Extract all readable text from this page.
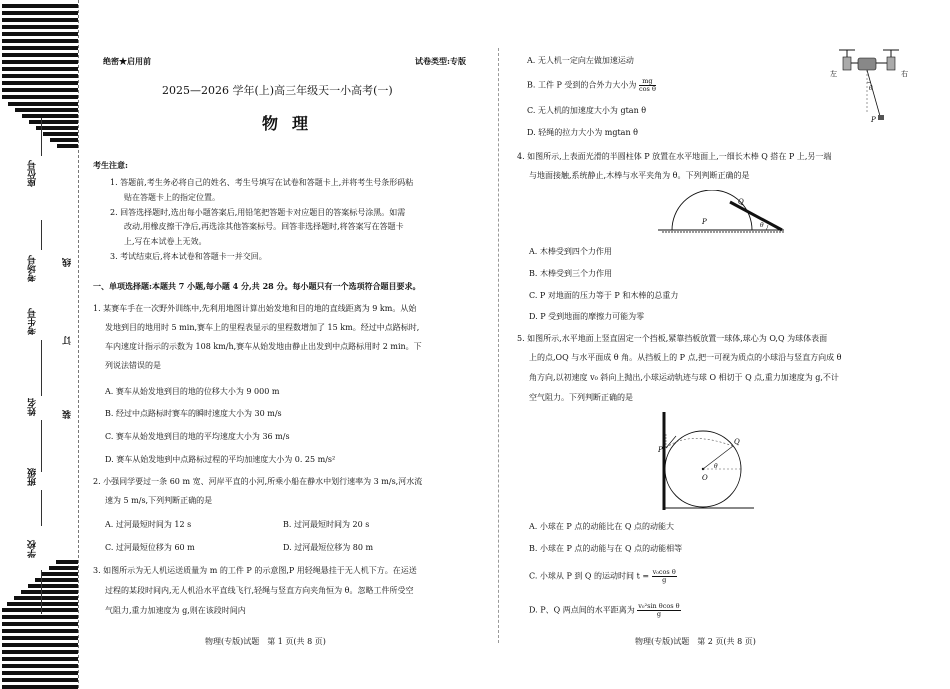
座位号
考场号
考生号
姓名
班级
学校
线
订
装
绝密★启用前	试卷类型:专版
2025—2026 学年(上)高三年级天一小高考(一)
物理
考生注意:
1. 答题前,考生务必将自己的姓名、考生号填写在试卷和答题卡上,并将考生号条形码粘
贴在答题卡上的指定位置。
2. 回答选择题时,选出每小题答案后,用铅笔把答题卡对应题目的答案标号涂黑。如需
改动,用橡皮擦干净后,再选涂其他答案标号。回答非选择题时,将答案写在答题卡
上,写在本试卷上无效。
3. 考试结束后,将本试卷和答题卡一并交回。
一、单项选择题:本题共 7 小题,每小题 4 分,共 28 分。每小题只有一个选项符合题目要求。
1. 某赛车手在一次野外训练中,先利用地图计算出始发地和目的地的直线距离为 9 km。从始
发地到目的地用时 5 min,赛车上的里程表显示的里程数增加了 15 km。经过中点路标时,
车内速度计指示的示数为 108 km/h,赛车从始发地由静止出发到中点路标用时 2 min。下
列说法错误的是
A. 赛车从始发地到目的地的位移大小为 9 000 m
B. 经过中点路标时赛车的瞬时速度大小为 30 m/s
C. 赛车从始发地到目的地的平均速度大小为 36 m/s
D. 赛车从始发地到中点路标过程的平均加速度大小为 0. 25 m/s²
2. 小强同学要过一条 60 m 宽、河岸平直的小河,所乘小船在静水中划行速率为 3 m/s,河水流
速为 5 m/s,下列判断正确的是
A. 过河最短时间为 12 s	B. 过河最短时间为 20 s
C. 过河最短位移为 60 m	D. 过河最短位移为 80 m
3. 如图所示为无人机运送质量为 m 的工件 P 的示意图,P 用轻绳悬挂于无人机下方。在运送
过程的某段时间内,无人机沿水平直线飞行,轻绳与竖直方向夹角恒为 θ。忽略工件所受空
气阻力,重力加速度为 g,则在该段时间内
物理(专版)试题　第 1 页(共 8 页)
A. 无人机一定向左做加速运动
B. 工件 P 受到的合外力大小为 $\frac{mg}{\text{cos θ}}$
C. 无人机的加速度大小为 gtan θ
D. 轻绳的拉力大小为 mgtan θ
左	右
θ
P
4. 如图所示,上表面光滑的半圆柱体 P 放置在水平地面上,一细长木棒 Q 搭在 P 上,另一端
与地面接触,系统静止,木棒与水平夹角为 θ。下列判断正确的是
P
Q
θ
A. 木棒受到四个力作用
B. 木棒受到三个力作用
C. P 对地面的压力等于 P 和木棒的总重力
D. P 受到地面的摩擦力可能为零
5. 如图所示,水平地面上竖直固定一个挡板,紧靠挡板放置一球体,球心为 O,Q 为球体表面
上的点,OQ 与水平面成 θ 角。从挡板上的 P 点,把一可视为质点的小球沿与竖直方向成 θ
角方向,以初速度 v₀ 斜向上抛出,小球运动轨迹与球 O 相切于 Q 点,重力加速度为 g,不计
空气阻力。下列判断正确的是
P
Q
O
θ
A. 小球在 P 点的动能比在 Q 点的动能大
B. 小球在 P 点的动能与在 Q 点的动能相等
C. 小球从 P 到 Q 的运动时间 $t = \frac{\text{v₀cos θ}}{g}$
D. P、Q 两点间的水平距离为 $\frac{\text{v₀²sin θcos θ}}{g}$
物理(专版)试题　第 2 页(共 8 页)
